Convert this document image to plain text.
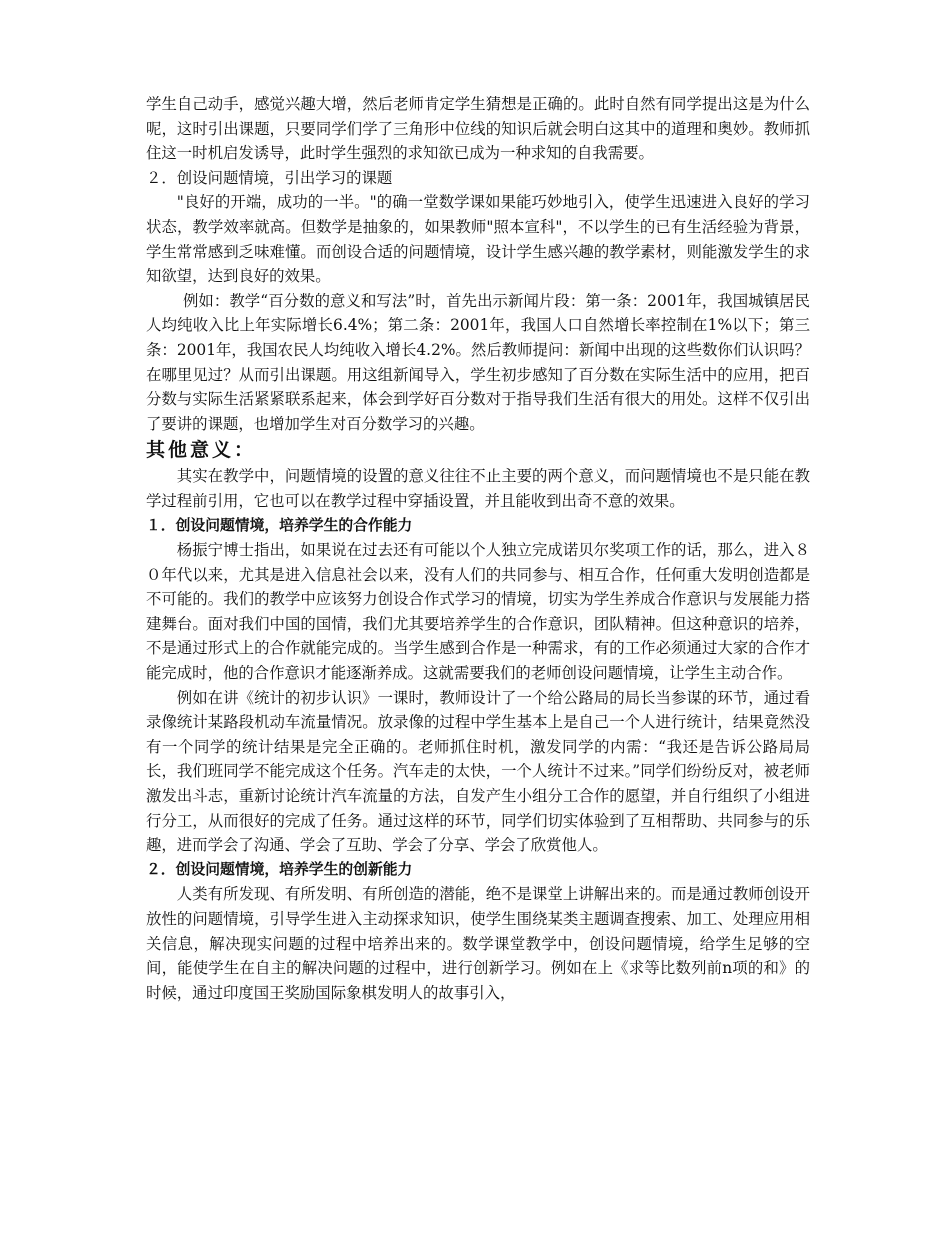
学生自己动手，感觉兴趣大增，然后老师肯定学生猜想是正确的。此时自然有同学提出这是为什么呢，这时引出课题，只要同学们学了三角形中位线的知识后就会明白这其中的道理和奥妙。教师抓住这一时机启发诱导，此时学生强烈的求知欲已成为一种求知的自我需要。

２．创设问题情境，引出学习的课题

"良好的开端，成功的一半。"的确一堂数学课如果能巧妙地引入，使学生迅速进入良好的学习状态，教学效率就高。但数学是抽象的，如果教师"照本宣科"，不以学生的已有生活经验为背景，学生常常感到乏味难懂。而创设合适的问题情境，设计学生感兴趣的教学素材，则能激发学生的求知欲望，达到良好的效果。

例如：教学“百分数的意义和写法”时，首先出示新闻片段：第一条：2001年，我国城镇居民人均纯收入比上年实际增长6.4%；第二条：2001年，我国人口自然增长率控制在1%以下；第三条：2001年，我国农民人均纯收入增长4.2%。然后教师提问：新闻中出现的这些数你们认识吗？在哪里见过？从而引出课题。用这组新闻导入，学生初步感知了百分数在实际生活中的应用，把百分数与实际生活紧紧联系起来，体会到学好百分数对于指导我们生活有很大的用处。这样不仅引出了要讲的课题，也增加学生对百分数学习的兴趣。

其他意义：

其实在教学中，问题情境的设置的意义往往不止主要的两个意义，而问题情境也不是只能在教学过程前引用，它也可以在教学过程中穿插设置，并且能收到出奇不意的效果。

１．创设问题情境，培养学生的合作能力

杨振宁博士指出，如果说在过去还有可能以个人独立完成诺贝尔奖项工作的话，那么，进入８０年代以来，尤其是进入信息社会以来，没有人们的共同参与、相互合作，任何重大发明创造都是不可能的。我们的教学中应该努力创设合作式学习的情境，切实为学生养成合作意识与发展能力搭建舞台。面对我们中国的国情，我们尤其要培养学生的合作意识，团队精神。但这种意识的培养，不是通过形式上的合作就能完成的。当学生感到合作是一种需求，有的工作必须通过大家的合作才能完成时，他的合作意识才能逐渐养成。这就需要我们的老师创设问题情境，让学生主动合作。

例如在讲《统计的初步认识》一课时，教师设计了一个给公路局的局长当参谋的环节，通过看录像统计某路段机动车流量情况。放录像的过程中学生基本上是自己一个人进行统计，结果竟然没有一个同学的统计结果是完全正确的。老师抓住时机，激发同学的内需：“我还是告诉公路局局长，我们班同学不能完成这个任务。汽车走的太快，一个人统计不过来。”同学们纷纷反对，被老师激发出斗志，重新讨论统计汽车流量的方法，自发产生小组分工合作的愿望，并自行组织了小组进行分工，从而很好的完成了任务。通过这样的环节，同学们切实体验到了互相帮助、共同参与的乐趣，进而学会了沟通、学会了互助、学会了分享、学会了欣赏他人。

２．创设问题情境，培养学生的创新能力

人类有所发现、有所发明、有所创造的潜能，绝不是课堂上讲解出来的。而是通过教师创设开放性的问题情境，引导学生进入主动探求知识，使学生围绕某类主题调查搜索、加工、处理应用相关信息，解决现实问题的过程中培养出来的。数学课堂教学中，创设问题情境，给学生足够的空间，能使学生在自主的解决问题的过程中，进行创新学习。例如在上《求等比数列前n项的和》的时候，通过印度国王奖励国际象棋发明人的故事引入，
